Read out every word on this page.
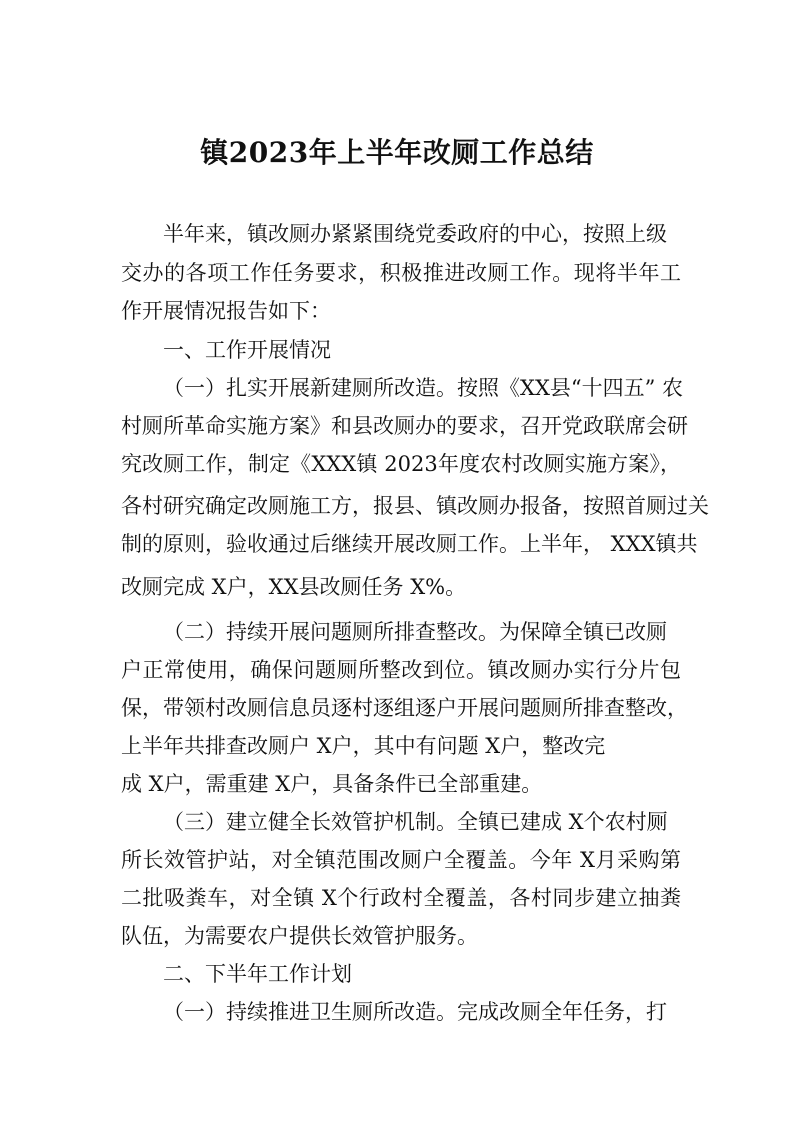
镇2023年上半年改厕工作总结
半年来，镇改厕办紧紧围绕党委政府的中心，按照上级
交办的各项工作任务要求，积极推进改厕工作。现将半年工
作开展情况报告如下：
一、工作开展情况
（一）扎实开展新建厕所改造。按照《XX县“十四五” 农
村厕所革命实施方案》和县改厕办的要求，召开党政联席会研
究改厕工作，制定《XXX镇 2023年度农村改厕实施方案》，
各村研究确定改厕施工方，报县、镇改厕办报备，按照首厕过关
制的原则，验收通过后继续开展改厕工作。上半年， XXX镇共
改厕完成 X户，XX县改厕任务 X%。
（二）持续开展问题厕所排查整改。为保障全镇已改厕
户正常使用，确保问题厕所整改到位。镇改厕办实行分片包
保，带领村改厕信息员逐村逐组逐户开展问题厕所排查整改，
上半年共排查改厕户 X户，其中有问题 X户，整改完
成 X户，需重建 X户，具备条件已全部重建。
（三）建立健全长效管护机制。全镇已建成 X个农村厕
所长效管护站，对全镇范围改厕户全覆盖。今年 X月采购第
二批吸粪车，对全镇 X个行政村全覆盖，各村同步建立抽粪
队伍，为需要农户提供长效管护服务。
二、下半年工作计划
（一）持续推进卫生厕所改造。完成改厕全年任务，打
